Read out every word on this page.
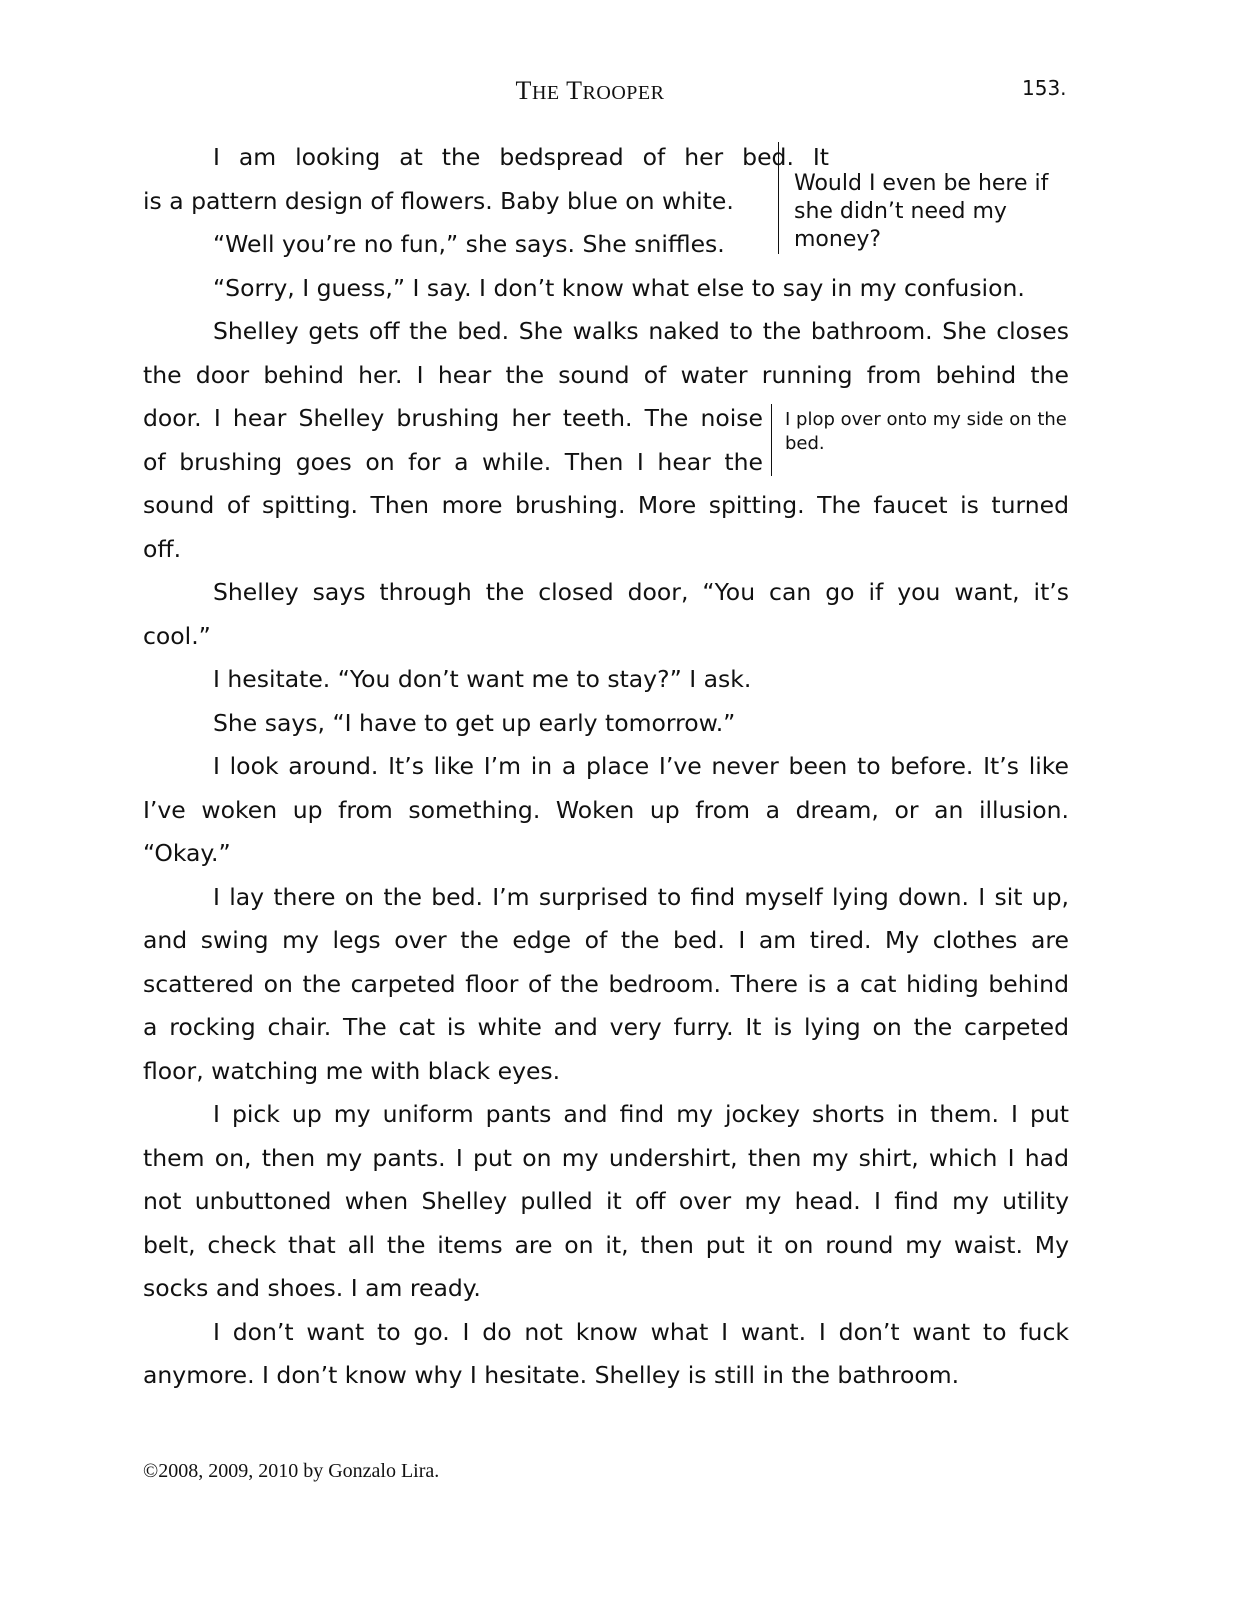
THE TROOPER	153.
I am looking at the bedspread of her bed. It
is a pattern design of flowers. Baby blue on white.
“Well you’re no fun,” she says. She sniffles.
“Sorry, I guess,” I say. I don’t know what else to say in my confusion.
Shelley gets off the bed. She walks naked to the bathroom. She closes
the door behind her. I hear the sound of water running from behind the
door. I hear Shelley brushing her teeth. The noise
of brushing goes on for a while. Then I hear the
sound of spitting. Then more brushing. More spitting. The faucet is turned
off.
Shelley says through the closed door, “You can go if you want, it’s
cool.”
I hesitate. “You don’t want me to stay?” I ask.
She says, “I have to get up early tomorrow.”
I look around. It’s like I’m in a place I’ve never been to before. It’s like
I’ve woken up from something. Woken up from a dream, or an illusion.
“Okay.”
I lay there on the bed. I’m surprised to find myself lying down. I sit up,
and swing my legs over the edge of the bed. I am tired. My clothes are
scattered on the carpeted floor of the bedroom. There is a cat hiding behind
a rocking chair. The cat is white and very furry. It is lying on the carpeted
floor, watching me with black eyes.
I pick up my uniform pants and find my jockey shorts in them. I put
them on, then my pants. I put on my undershirt, then my shirt, which I had
not unbuttoned when Shelley pulled it off over my head. I find my utility
belt, check that all the items are on it, then put it on round my waist. My
socks and shoes. I am ready.
I don’t want to go. I do not know what I want. I don’t want to fuck
anymore. I don’t know why I hesitate. Shelley is still in the bathroom.
Would I even be here if she didn’t need my money?
I plop over onto my side on the bed.
©2008, 2009, 2010 by Gonzalo Lira.
